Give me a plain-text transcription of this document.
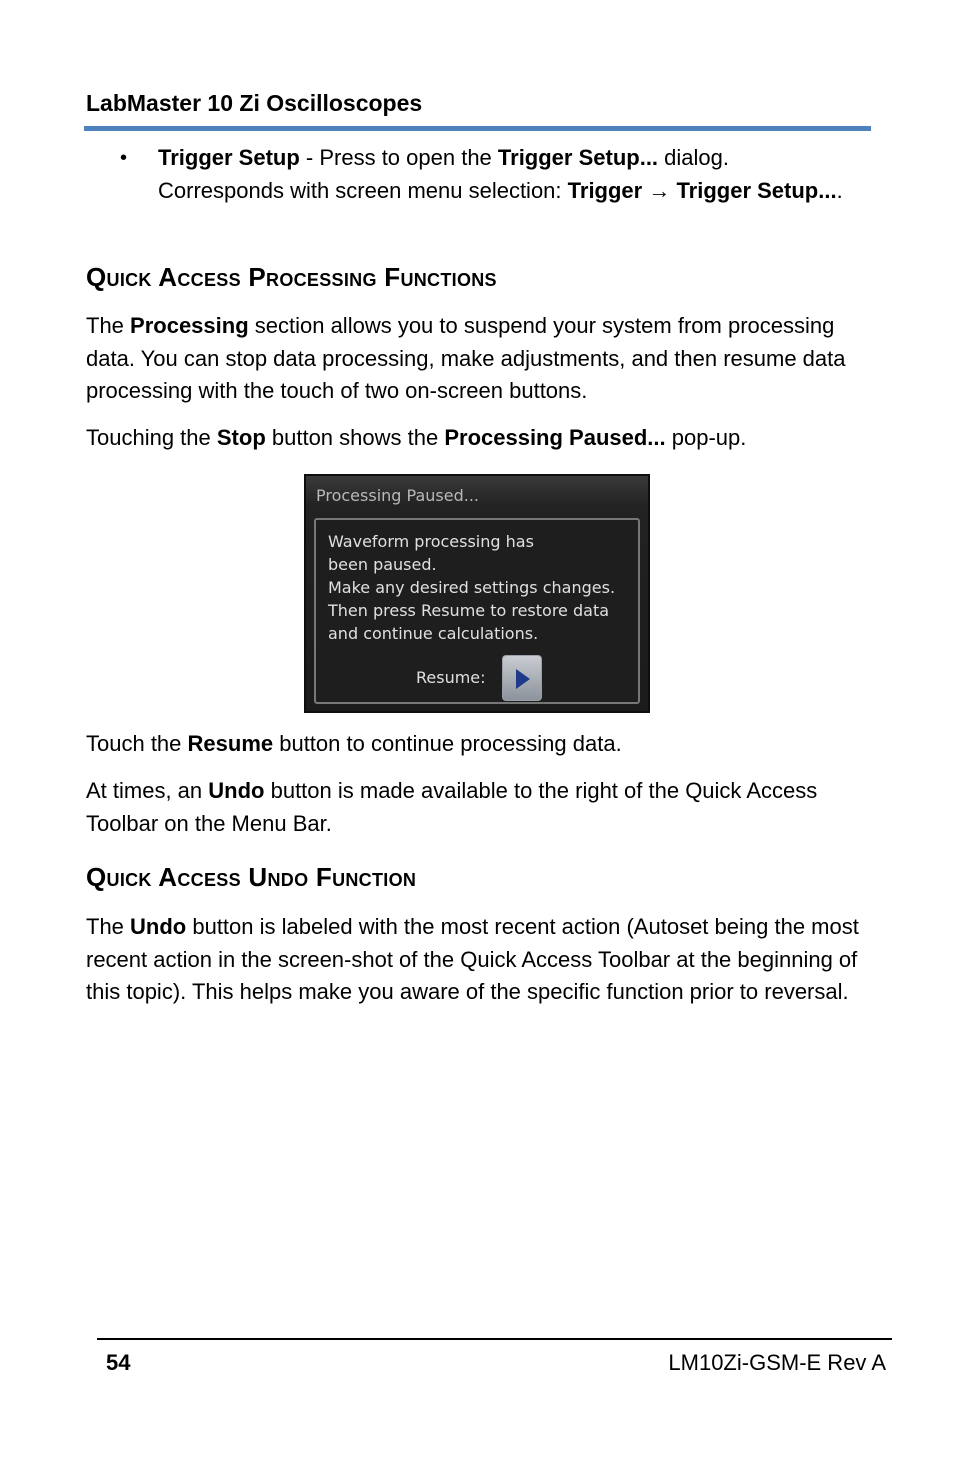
LabMaster 10 Zi Oscilloscopes
• Trigger Setup - Press to open the Trigger Setup... dialog. Corresponds with screen menu selection: Trigger → Trigger Setup....
Quick Access Processing Functions
The Processing section allows you to suspend your system from processing data. You can stop data processing, make adjustments, and then resume data processing with the touch of two on-screen buttons.
Touching the Stop button shows the Processing Paused... pop-up.
Processing Paused...
Waveform processing has
been paused.
Make any desired settings changes.
Then press Resume to restore data
and continue calculations.
Resume:
Touch the Resume button to continue processing data.
At times, an Undo button is made available to the right of the Quick Access Toolbar on the Menu Bar.
Quick Access Undo Function
The Undo button is labeled with the most recent action (Autoset being the most recent action in the screen-shot of the Quick Access Toolbar at the beginning of this topic). This helps make you aware of the specific function prior to reversal.
54	LM10Zi-GSM-E Rev A
